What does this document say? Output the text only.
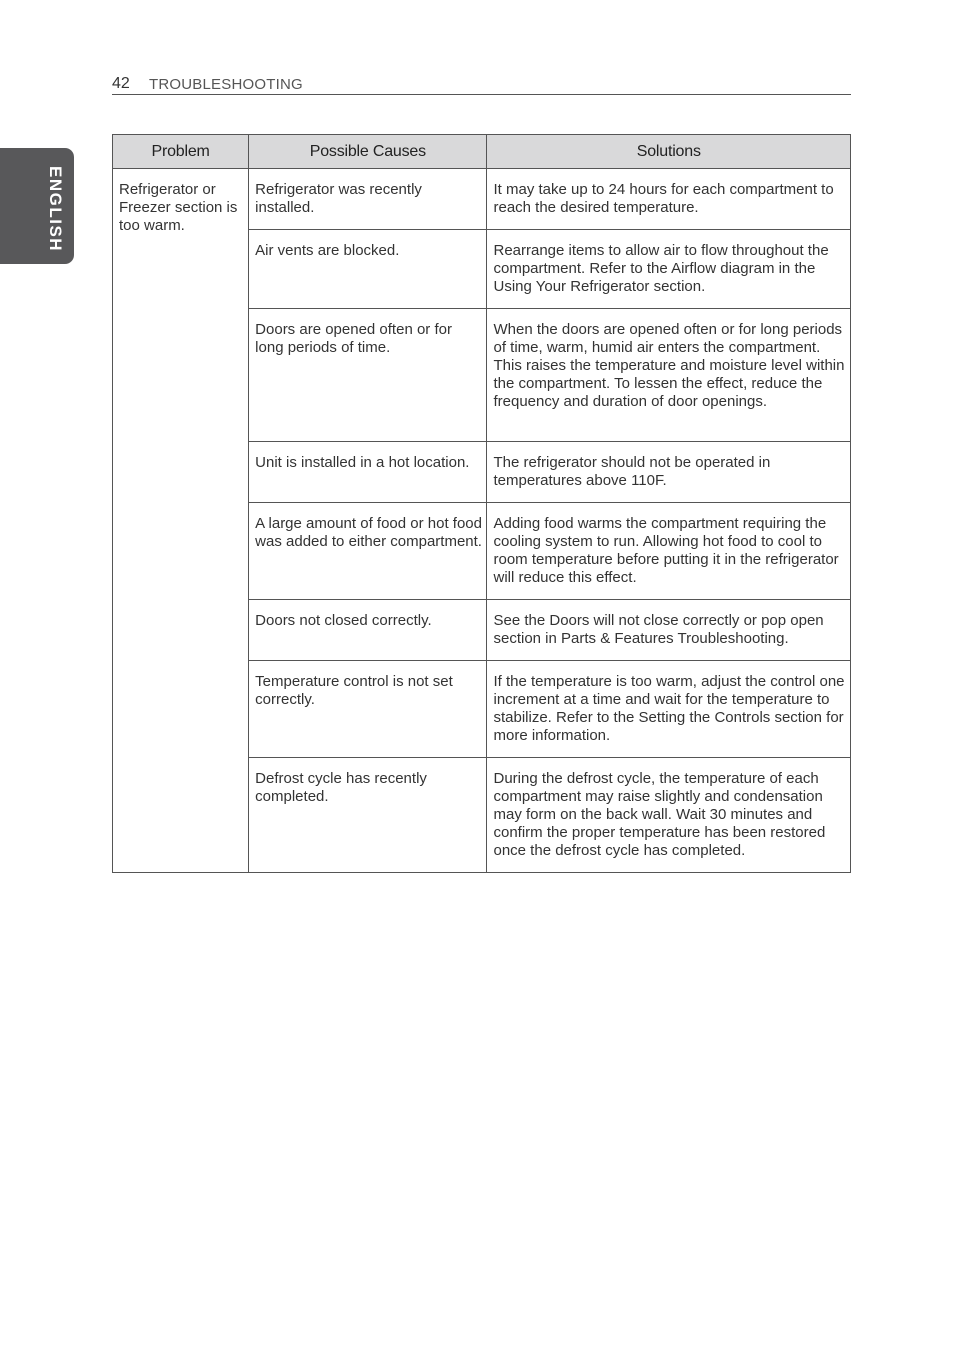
42 TROUBLESHOOTING
ENGLISH
Problem	Possible Causes	Solutions
Refrigerator or Freezer section is too warm.	Refrigerator was recently installed.	It may take up to 24 hours for each compartment to reach the desired temperature.
	Air vents are blocked.	Rearrange items to allow air to flow throughout the compartment. Refer to the Airflow diagram in the Using Your Refrigerator section.
	Doors are opened often or for long periods of time.	When the doors are opened often or for long periods of time, warm, humid air enters the compartment. This raises the temperature and moisture level within the compartment. To lessen the effect, reduce the frequency and duration of door openings.
	Unit is installed in a hot location.	The refrigerator should not be operated in temperatures above 110F.
	A large amount of food or hot food was added to either compartment.	Adding food warms the compartment requiring the cooling system to run. Allowing hot food to cool to room temperature before putting it in the refrigerator will reduce this effect.
	Doors not closed correctly.	See the Doors will not close correctly or pop open section in Parts & Features Troubleshooting.
	Temperature control is not set correctly.	If the temperature is too warm, adjust the control one increment at a time and wait for the temperature to stabilize. Refer to the Setting the Controls section for more information.
	Defrost cycle has recently completed.	During the defrost cycle, the temperature of each compartment may raise slightly and condensation may form on the back wall. Wait 30 minutes and confirm the proper temperature has been restored once the defrost cycle has completed.
